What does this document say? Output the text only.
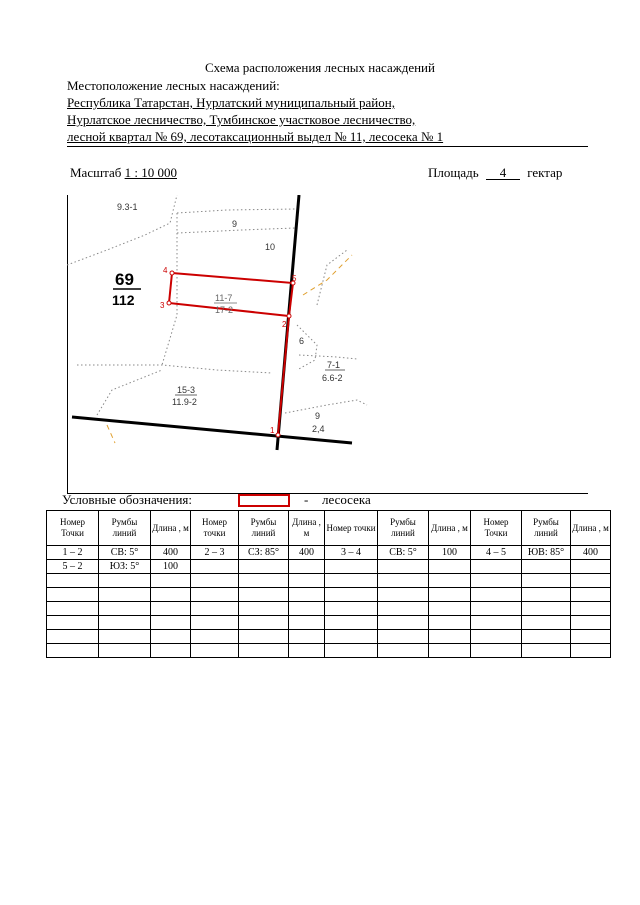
Схема расположения лесных насаждений
Местоположение лесных насаждений:
Республика Татарстан, Нурлатский муниципальный район,
Нурлатское лесничество, Тумбинское участковое лесничество,
лесной квартал № 69, лесотаксационный выдел № 11, лесосека № 1
Масштаб 1 : 10 000	Площадь 4 гектар
1
2
3
4
5
9.3-1
9
10
69
112	11-7
17-2
6
7-1
6.6-2
15-3
11.9-2
9
2,4
Условные обозначения:	- лесосека
Номер Точки	Румбы линий	Длина , м	Номер точки	Румбы линий	Длина , м	Номер точки	Румбы линий	Длина , м	Номер Точки	Румбы линий	Длина , м
1 – 2	СВ: 5°	400	2 – 3	СЗ: 85°	400	3 – 4	СВ: 5°	100	4 – 5	ЮВ: 85°	400
5 – 2	ЮЗ: 5°	100									
